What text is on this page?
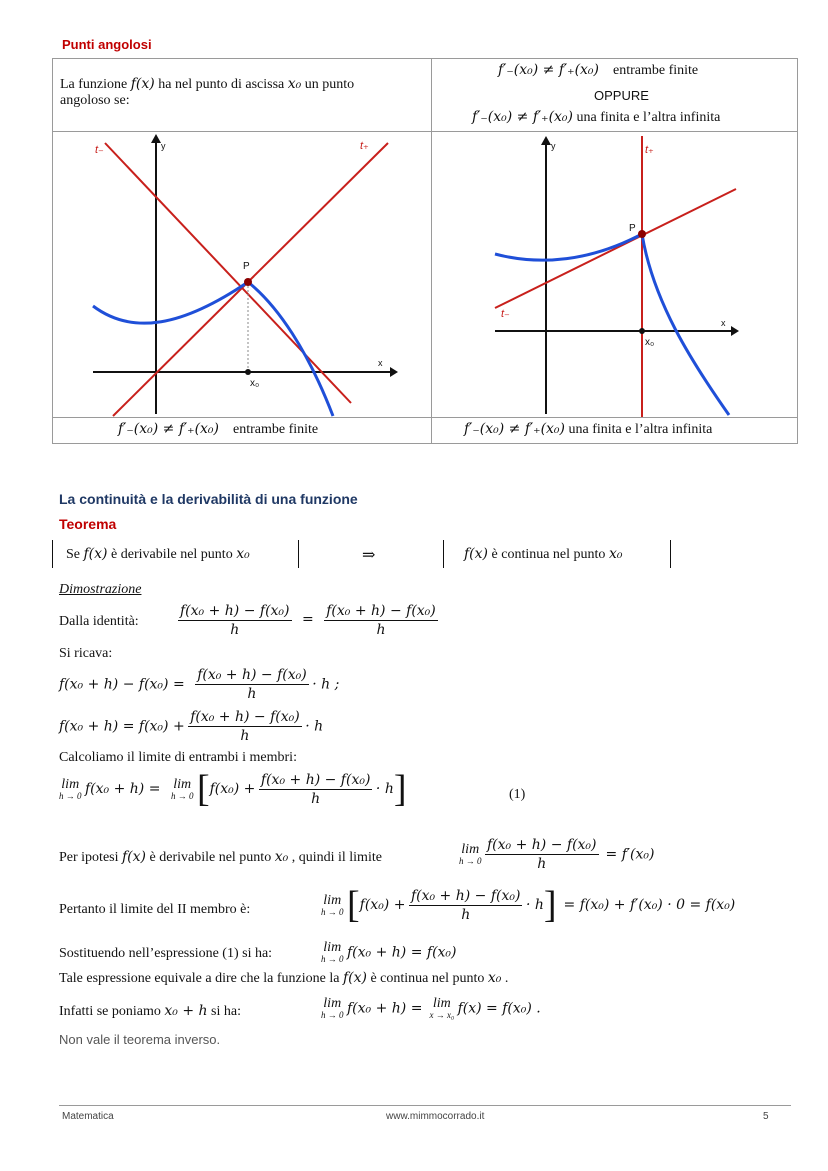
Punti angolosi
La funzione f(x) ha nel punto di ascissa x₀ un punto
angoloso se:
f′₋(x₀) ≠ f′₊(x₀) entrambe finite
OPPURE
f′₋(x₀) ≠ f′₊(x₀) una finita e l’altra infinita
t₋	t₊
y
x
P
x₀
t₋
t₊
y
x
P
x₀
f′₋(x₀) ≠ f′₊(x₀) entrambe finite	f′₋(x₀) ≠ f′₊(x₀) una finita e l’altra infinita
La continuità e la derivabilità di una funzione
Teorema
Se f(x) è derivabile nel punto x₀	⇒	f(x) è continua nel punto x₀
Dimostrazione
Dalla identità:	$\frac{\text{f(x₀ + h) − f(x₀)}}{h} = \frac{\text{f(x₀ + h) − f(x₀)}}{h}$
Si ricava:
$f(x_0 + h) - f(x_0) = \frac{\text{f(x₀ + h) − f(x₀)}}{h} \cdot h$ ;
$f(x_0 + h) = f(x_0) + \frac{\text{f(x₀ + h) − f(x₀)}}{h} \cdot h$
Calcoliamo il limite di entrambi i membri:
lim
h → 0 f(x₀ + h) = lim
h → 0 $[f(x_0) + \frac{\text{f(x₀ + h) − f(x₀)}}{h} \cdot h]$	(1)
Per ipotesi f(x) è derivabile nel punto x₀ , quindi il limite
lim
h → 0
$\frac{\text{f(x₀ + h) − f(x₀)}}{h} = f'(x_0)$
Pertanto il limite del II membro è:
lim
h → 0 $[f(x_0) + \frac{\text{f(x₀ + h) − f(x₀)}}{h} \cdot h] = f(x_0) + f'(x_0) \cdot 0 = f(x_0)$
Sostituendo nell’espressione (1) si ha:	lim
h → 0 f(x₀ + h) = f(x₀)
Tale espressione equivale a dire che la funzione la f(x) è continua nel punto x₀ .
Infatti se poniamo x₀ + h si ha:
lim
h → 0 f(x₀ + h) = lim
x → x₀ f(x) = f(x₀) .
Non vale il teorema inverso.
Matematica	www.mimmocorrado.it	5
